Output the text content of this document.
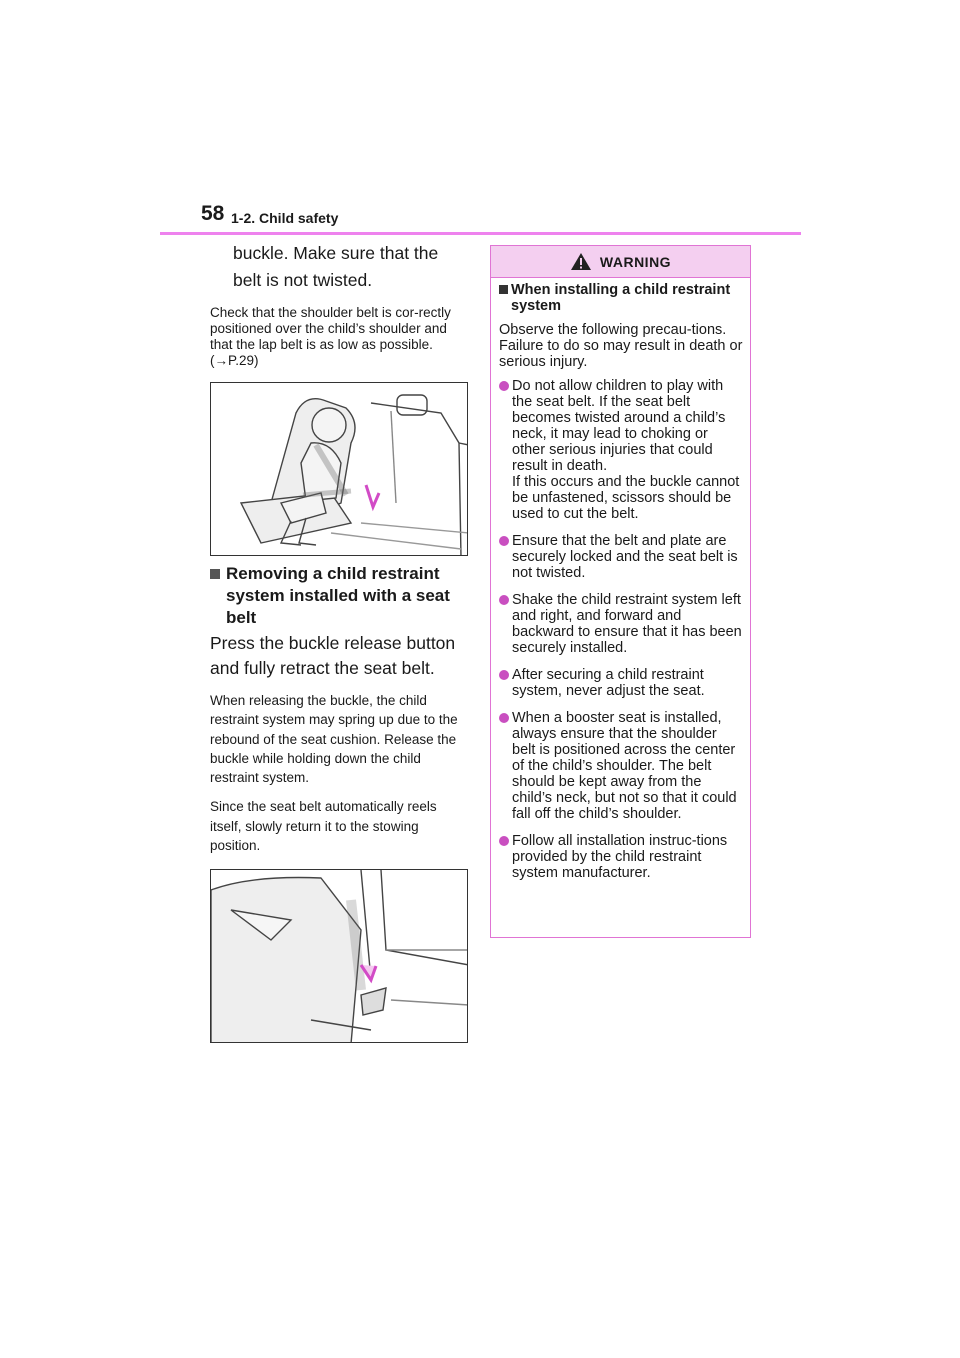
58 1-2. Child safety

buckle. Make sure that the belt is not twisted.

Check that the shoulder belt is cor-rectly positioned over the child’s shoulder and that the lap belt is as low as possible. (→P.29)

Removing a child restraint system installed with a seat belt

Press the buckle release button and fully retract the seat belt.

When releasing the buckle, the child restraint system may spring up due to the rebound of the seat cushion. Release the buckle while holding down the child restraint system.

Since the seat belt automatically reels itself, slowly return it to the stowing position.

WARNING
When installing a child restraint system

Observe the following precau-tions.
Failure to do so may result in death or serious injury.

Do not allow children to play with the seat belt. If the seat belt becomes twisted around a child’s neck, it may lead to choking or other serious injuries that could result in death.
If this occurs and the buckle cannot be unfastened, scissors should be used to cut the belt.
Ensure that the belt and plate are securely locked and the seat belt is not twisted.
Shake the child restraint system left and right, and forward and backward to ensure that it has been securely installed.
After securing a child restraint system, never adjust the seat.
When a booster seat is installed, always ensure that the shoulder belt is positioned across the center of the child’s shoulder. The belt should be kept away from the child’s neck, but not so that it could fall off the child’s shoulder.
Follow all installation instruc-tions provided by the child restraint system manufacturer.
